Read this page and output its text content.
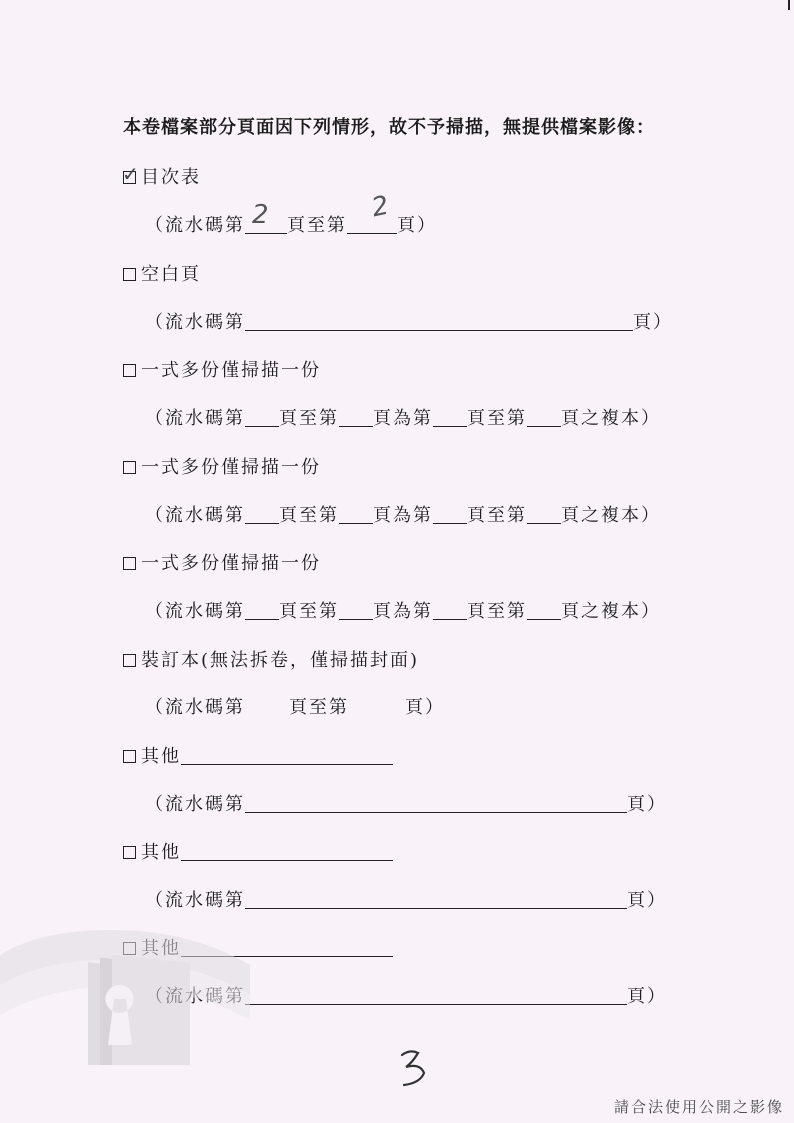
本卷檔案部分頁面因下列情形，故不予掃描，無提供檔案影像：
✓ 目次表
（流水碼第 頁至第	頁）
2	2
空白頁
（流水碼第	頁）
一式多份僅掃描一份
（流水碼第 頁至第 頁為第 頁至第 頁之複本）
一式多份僅掃描一份
（流水碼第 頁至第 頁為第 頁至第 頁之複本）
一式多份僅掃描一份
（流水碼第 頁至第 頁為第 頁至第 頁之複本）
裝訂本(無法拆卷，僅掃描封面)
（流水碼第 頁至第	頁）
其他
（流水碼第	頁）
其他
（流水碼第	頁）
頁）
請合法使用公開之影像
